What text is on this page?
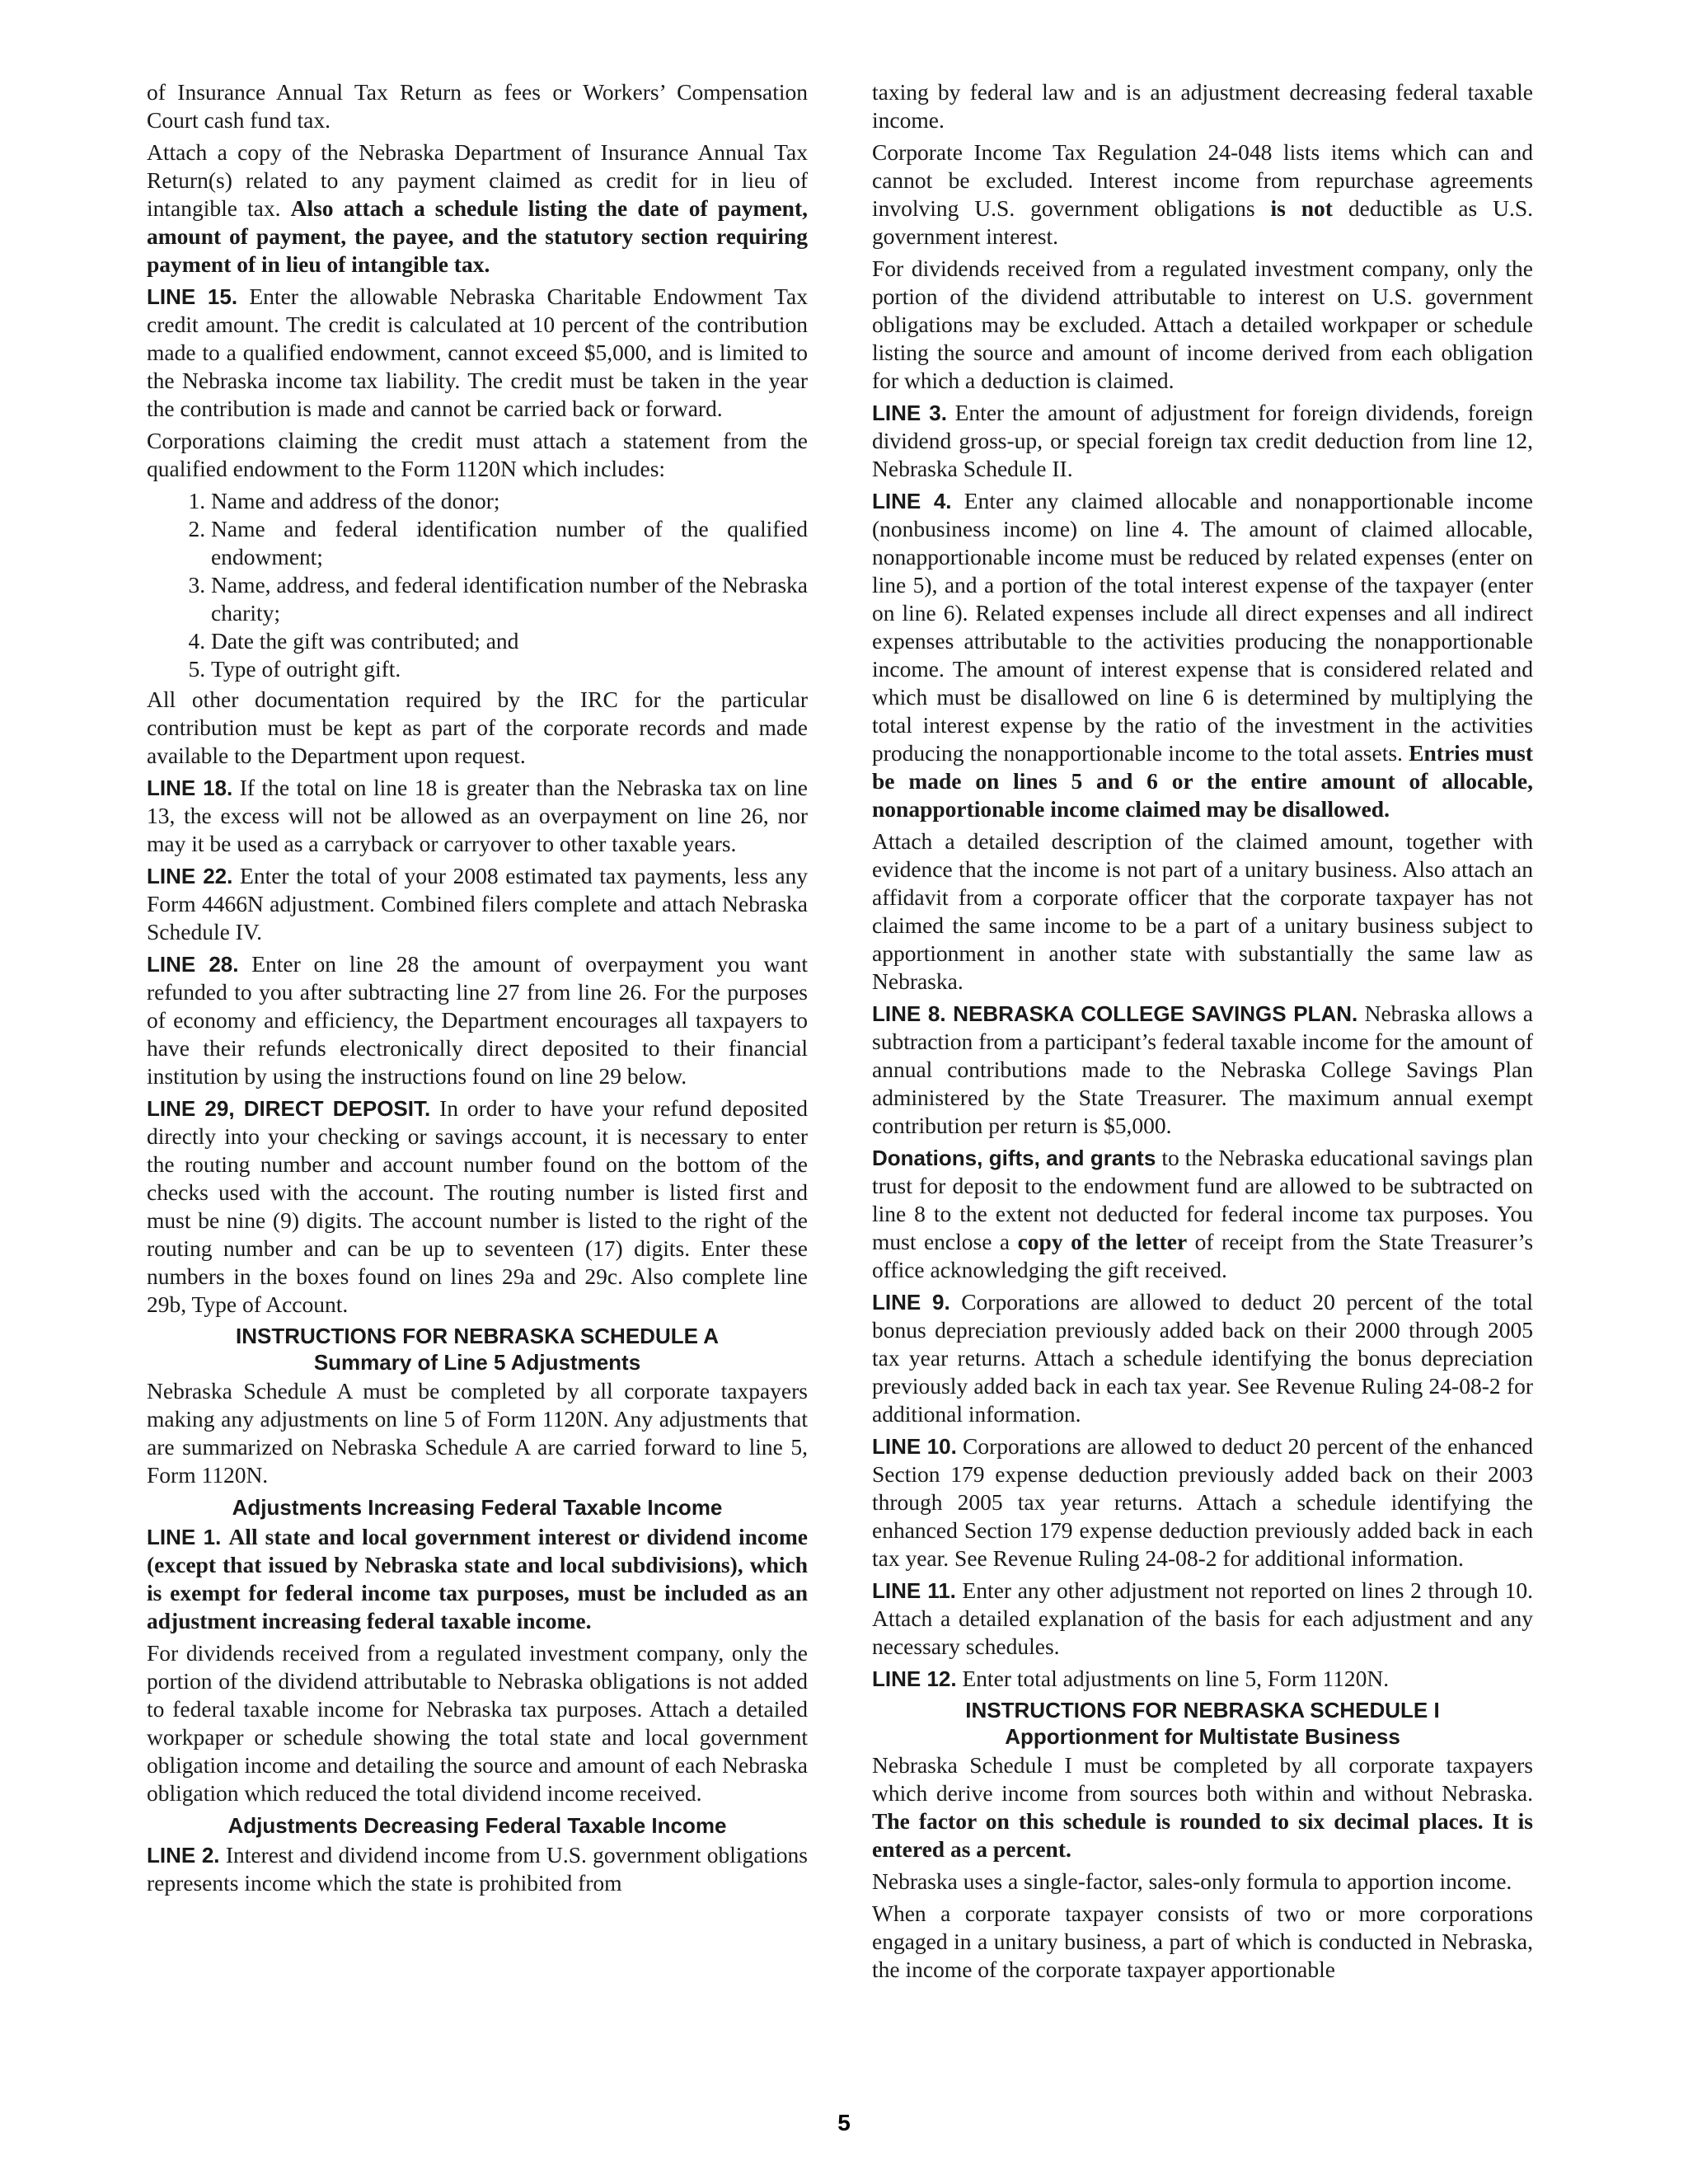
of Insurance Annual Tax Return as fees or Workers’ Compensation Court cash fund tax.

Attach a copy of the Nebraska Department of Insurance Annual Tax Return(s) related to any payment claimed as credit for in lieu of intangible tax. Also attach a schedule listing the date of payment, amount of payment, the payee, and the statutory section requiring payment of in lieu of intangible tax.

LINE 15. Enter the allowable Nebraska Charitable Endowment Tax credit amount. The credit is calculated at 10 percent of the contribution made to a qualified endowment, cannot exceed $5,000, and is limited to the Nebraska income tax liability. The credit must be taken in the year the contribution is made and cannot be carried back or forward.

Corporations claiming the credit must attach a statement from the qualified endowment to the Form 1120N which includes:

1. Name and address of the donor;
2. Name and federal identification number of the qualified endowment;
3. Name, address, and federal identification number of the Nebraska charity;
4. Date the gift was contributed; and
5. Type of outright gift.

All other documentation required by the IRC for the particular contribution must be kept as part of the corporate records and made available to the Department upon request.

LINE 18. If the total on line 18 is greater than the Nebraska tax on line 13, the excess will not be allowed as an overpayment on line 26, nor may it be used as a carryback or carryover to other taxable years.

LINE 22. Enter the total of your 2008 estimated tax payments, less any Form 4466N adjustment. Combined filers complete and attach Nebraska Schedule IV.

LINE 28. Enter on line 28 the amount of overpayment you want refunded to you after subtracting line 27 from line 26. For the purposes of economy and efficiency, the Department encourages all taxpayers to have their refunds electronically direct deposited to their financial institution by using the instructions found on line 29 below.

LINE 29, DIRECT DEPOSIT. In order to have your refund deposited directly into your checking or savings account, it is necessary to enter the routing number and account number found on the bottom of the checks used with the account. The routing number is listed first and must be nine (9) digits. The account number is listed to the right of the routing number and can be up to seventeen (17) digits. Enter these numbers in the boxes found on lines 29a and 29c. Also complete line 29b, Type of Account.

INSTRUCTIONS FOR NEBRASKA SCHEDULE A
Summary of Line 5 Adjustments

Nebraska Schedule A must be completed by all corporate taxpayers making any adjustments on line 5 of Form 1120N. Any adjustments that are summarized on Nebraska Schedule A are carried forward to line 5, Form 1120N.

Adjustments Increasing Federal Taxable Income

LINE 1. All state and local government interest or dividend income (except that issued by Nebraska state and local subdivisions), which is exempt for federal income tax purposes, must be included as an adjustment increasing federal taxable income.

For dividends received from a regulated investment company, only the portion of the dividend attributable to Nebraska obligations is not added to federal taxable income for Nebraska tax purposes. Attach a detailed workpaper or schedule showing the total state and local government obligation income and detailing the source and amount of each Nebraska obligation which reduced the total dividend income received.

Adjustments Decreasing Federal Taxable Income

LINE 2. Interest and dividend income from U.S. government obligations represents income which the state is prohibited from

taxing by federal law and is an adjustment decreasing federal taxable income.

Corporate Income Tax Regulation 24-048 lists items which can and cannot be excluded. Interest income from repurchase agreements involving U.S. government obligations is not deductible as U.S. government interest.

For dividends received from a regulated investment company, only the portion of the dividend attributable to interest on U.S. government obligations may be excluded. Attach a detailed workpaper or schedule listing the source and amount of income derived from each obligation for which a deduction is claimed.

LINE 3. Enter the amount of adjustment for foreign dividends, foreign dividend gross-up, or special foreign tax credit deduction from line 12, Nebraska Schedule II.

LINE 4. Enter any claimed allocable and nonapportionable income (nonbusiness income) on line 4. The amount of claimed allocable, nonapportionable income must be reduced by related expenses (enter on line 5), and a portion of the total interest expense of the taxpayer (enter on line 6). Related expenses include all direct expenses and all indirect expenses attributable to the activities producing the nonapportionable income. The amount of interest expense that is considered related and which must be disallowed on line 6 is determined by multiplying the total interest expense by the ratio of the investment in the activities producing the nonapportionable income to the total assets. Entries must be made on lines 5 and 6 or the entire amount of allocable, nonapportionable income claimed may be disallowed.

Attach a detailed description of the claimed amount, together with evidence that the income is not part of a unitary business. Also attach an affidavit from a corporate officer that the corporate taxpayer has not claimed the same income to be a part of a unitary business subject to apportionment in another state with substantially the same law as Nebraska.

LINE 8. NEBRASKA COLLEGE SAVINGS PLAN. Nebraska allows a subtraction from a participant’s federal taxable income for the amount of annual contributions made to the Nebraska College Savings Plan administered by the State Treasurer. The maximum annual exempt contribution per return is $5,000.

Donations, gifts, and grants to the Nebraska educational savings plan trust for deposit to the endowment fund are allowed to be subtracted on line 8 to the extent not deducted for federal income tax purposes. You must enclose a copy of the letter of receipt from the State Treasurer’s office acknowledging the gift received.

LINE 9. Corporations are allowed to deduct 20 percent of the total bonus depreciation previously added back on their 2000 through 2005 tax year returns. Attach a schedule identifying the bonus depreciation previously added back in each tax year. See Revenue Ruling 24-08-2 for additional information.

LINE 10. Corporations are allowed to deduct 20 percent of the enhanced Section 179 expense deduction previously added back on their 2003 through 2005 tax year returns. Attach a schedule identifying the enhanced Section 179 expense deduction previously added back in each tax year. See Revenue Ruling 24-08-2 for additional information.

LINE 11. Enter any other adjustment not reported on lines 2 through 10. Attach a detailed explanation of the basis for each adjustment and any necessary schedules.

LINE 12. Enter total adjustments on line 5, Form 1120N.

INSTRUCTIONS FOR NEBRASKA SCHEDULE I
Apportionment for Multistate Business

Nebraska Schedule I must be completed by all corporate taxpayers which derive income from sources both within and without Nebraska. The factor on this schedule is rounded to six decimal places. It is entered as a percent.

Nebraska uses a single-factor, sales-only formula to apportion income.

When a corporate taxpayer consists of two or more corporations engaged in a unitary business, a part of which is conducted in Nebraska, the income of the corporate taxpayer apportionable

5
